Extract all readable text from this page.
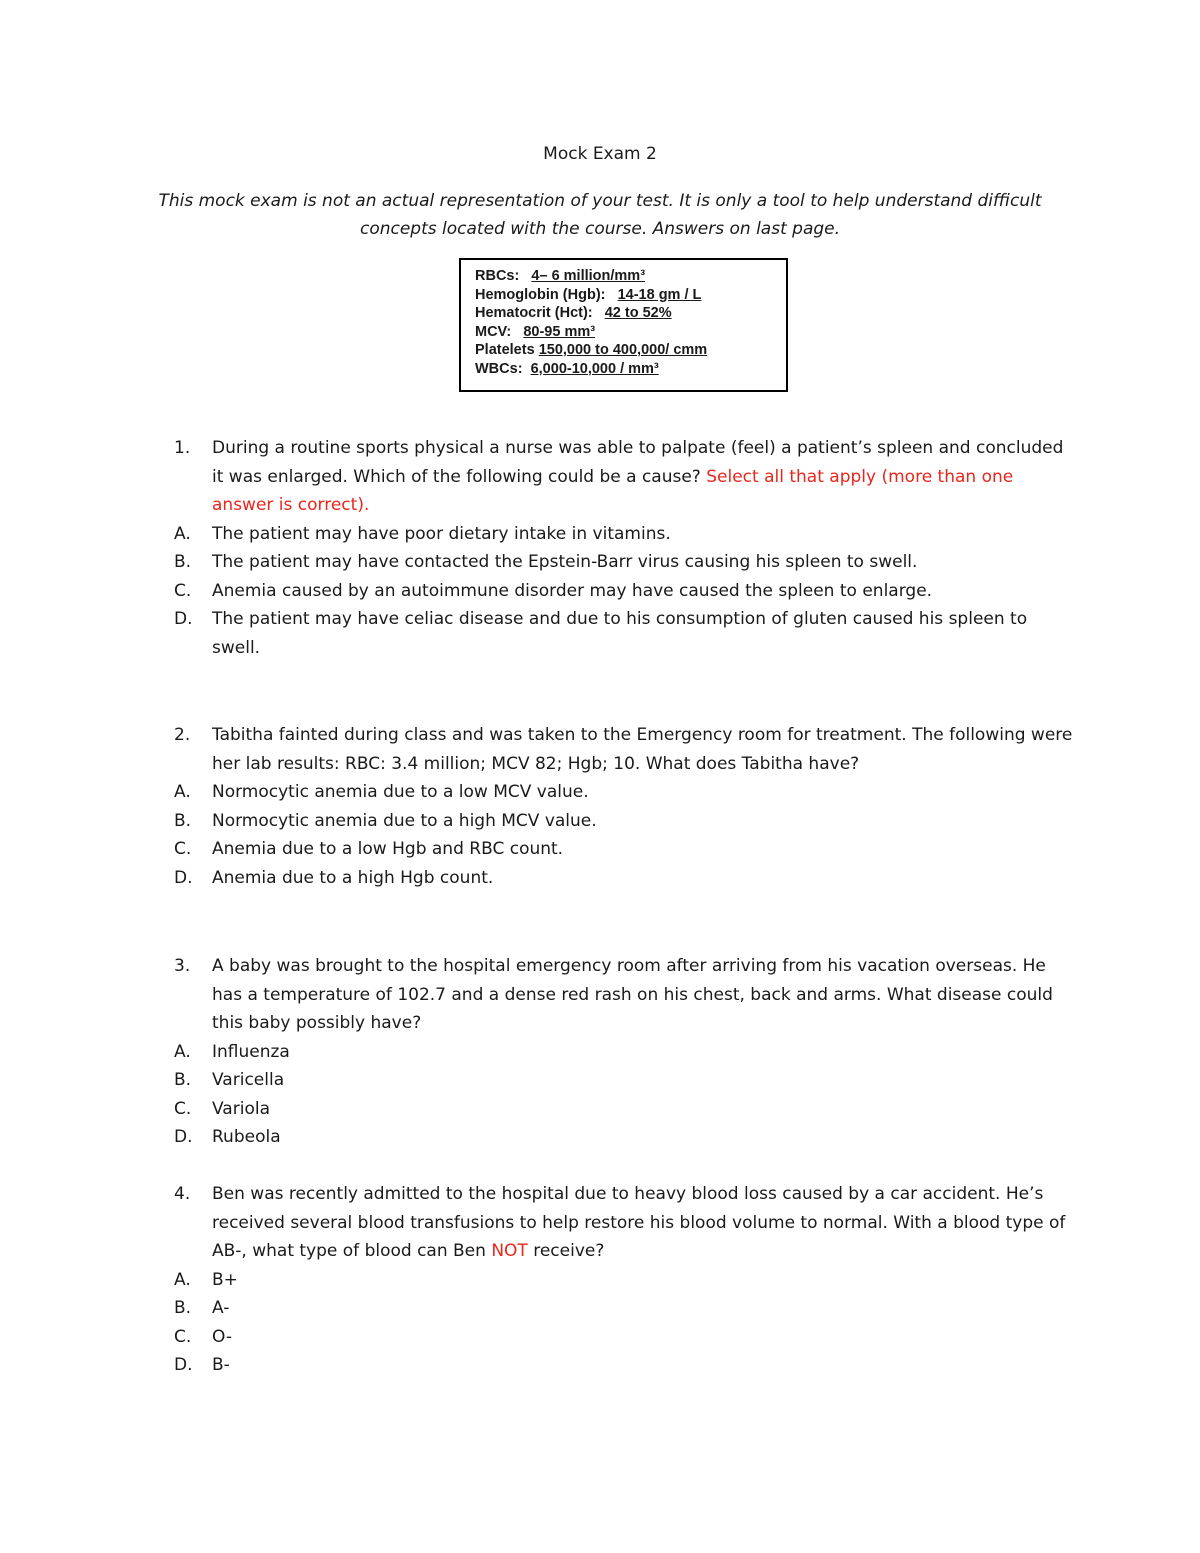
Mock Exam 2
This mock exam is not an actual representation of your test. It is only a tool to help understand difficult concepts located with the course. Answers on last page.
RBCs: 4– 6 million/mm³
Hemoglobin (Hgb): 14-18 gm / L
Hematocrit (Hct): 42 to 52%
MCV: 80-95 mm³
Platelets 150,000 to 400,000/ cmm
WBCs: 6,000-10,000 / mm³
1.	During a routine sports physical a nurse was able to palpate (feel) a patient’s spleen and concluded it was enlarged. Which of the following could be a cause? Select all that apply (more than one answer is correct).
A.	The patient may have poor dietary intake in vitamins.
B.	The patient may have contacted the Epstein-Barr virus causing his spleen to swell.
C.	Anemia caused by an autoimmune disorder may have caused the spleen to enlarge.
D.	The patient may have celiac disease and due to his consumption of gluten caused his spleen to swell.
2.	Tabitha fainted during class and was taken to the Emergency room for treatment. The following were her lab results: RBC: 3.4 million; MCV 82; Hgb; 10. What does Tabitha have?
A.	Normocytic anemia due to a low MCV value.
B.	Normocytic anemia due to a high MCV value.
C.	Anemia due to a low Hgb and RBC count.
D.	Anemia due to a high Hgb count.
3.	A baby was brought to the hospital emergency room after arriving from his vacation overseas. He has a temperature of 102.7 and a dense red rash on his chest, back and arms. What disease could this baby possibly have?
A.	Influenza
B.	Varicella
C.	Variola
D.	Rubeola
4.	Ben was recently admitted to the hospital due to heavy blood loss caused by a car accident. He’s received several blood transfusions to help restore his blood volume to normal. With a blood type of AB-, what type of blood can Ben NOT receive?
A.	B+
B.	A-
C.	O-
D.	B-
